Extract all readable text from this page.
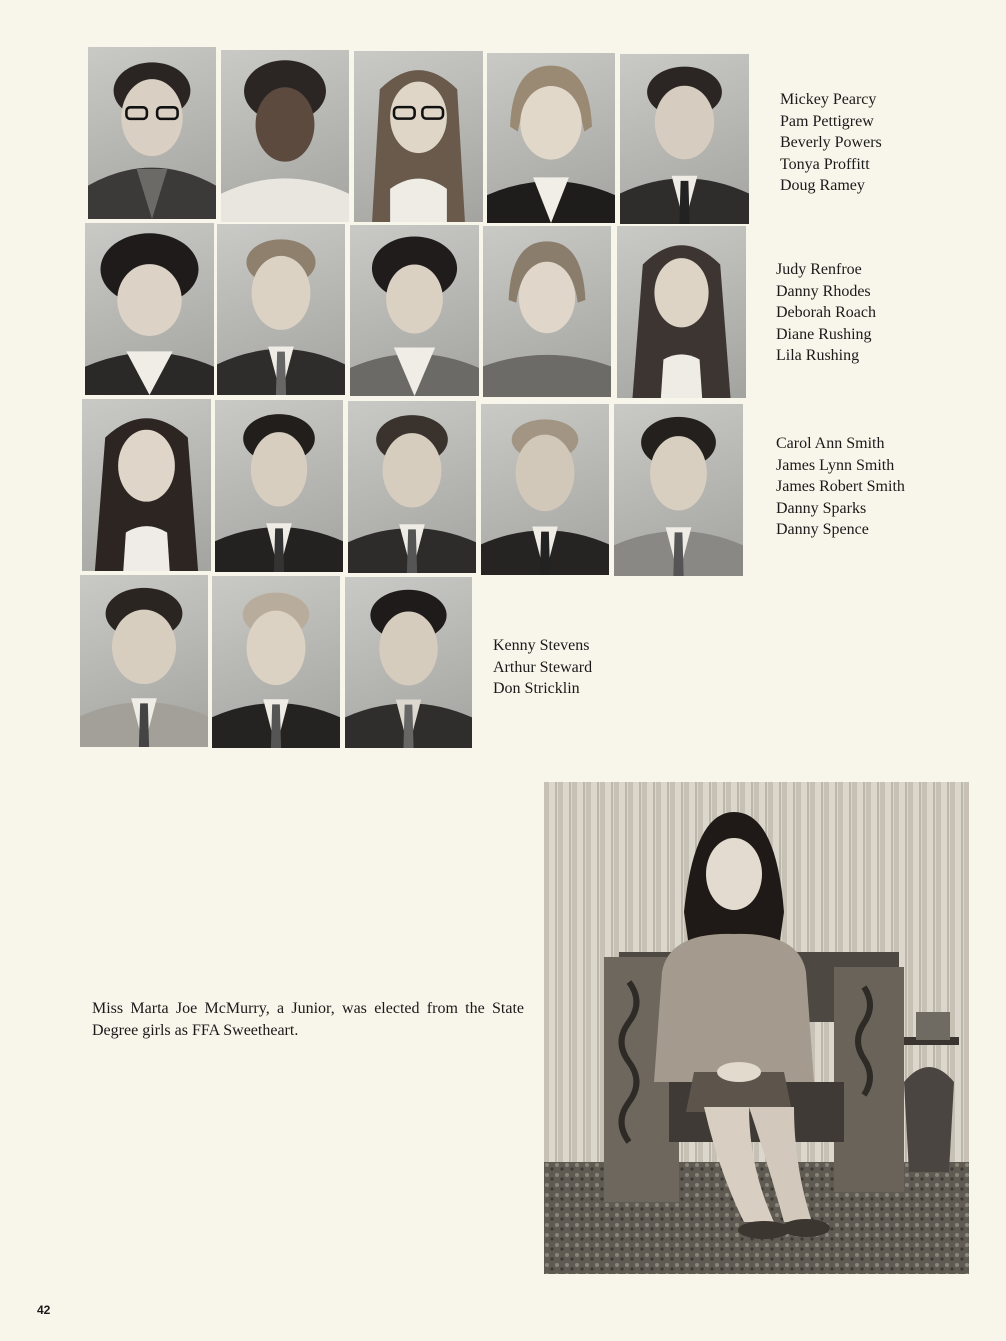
Mickey Pearcy
Pam Pettigrew
Beverly Powers
Tonya Proffitt
Doug Ramey
Judy Renfroe
Danny Rhodes
Deborah Roach
Diane Rushing
Lila Rushing
Carol Ann Smith
James Lynn Smith
James Robert Smith
Danny Sparks
Danny Spence
Kenny Stevens
Arthur Steward
Don Stricklin

Miss Marta Joe McMurry, a Junior, was elected from the State Degree girls as FFA Sweetheart.

42
